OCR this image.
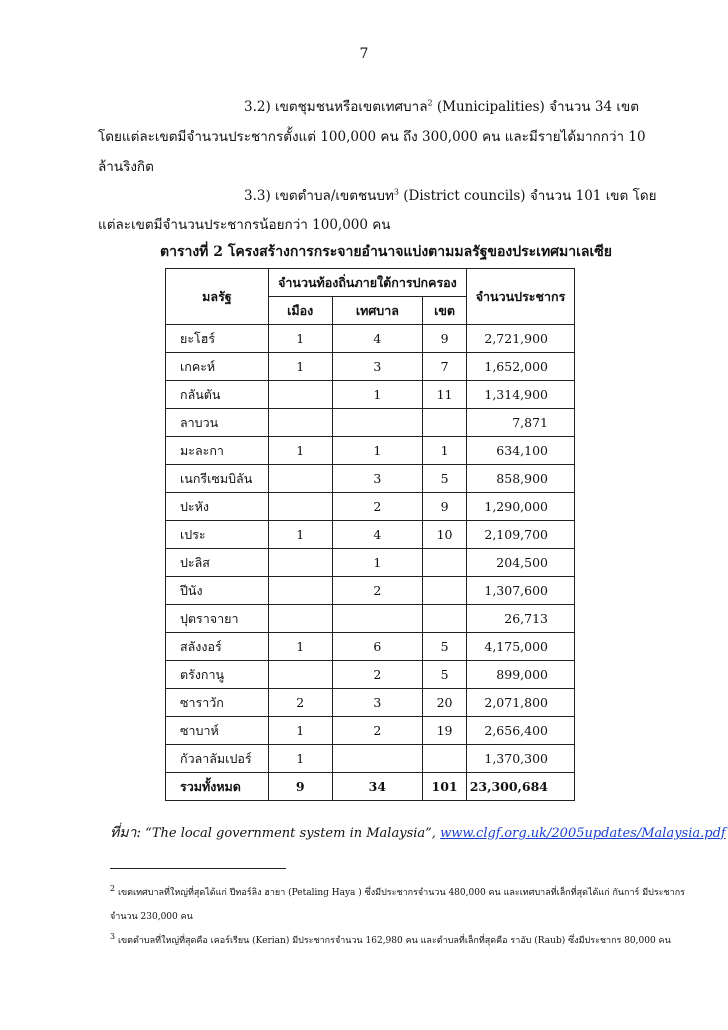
7
3.2) เขตชุมชนหรือเขตเทศบาล$^2$ (Municipalities) จำนวน 34 เขต
โดยแต่ละเขตมีจำนวนประชากรตั้งแต่ 100,000 คน ถึง 300,000 คน และมีรายได้มากกว่า 10
ล้านริงกิต
3.3) เขตตำบล/เขตชนบท$^3$ (District councils) จำนวน 101 เขต โดย
แต่ละเขตมีจำนวนประชากรน้อยกว่า 100,000 คน
ตารางที่ 2 โครงสร้างการกระจายอำนาจแบ่งตามมลรัฐของประเทศมาเลเซีย
มลรัฐ	จำนวนท้องถิ่นภายใต้การปกครอง			จำนวนประชากร
	เมือง	เทศบาล	เขต	
ยะโฮร์	1	4	9	2,721,900
เกคะห์	1	3	7	1,652,000
กลันตัน		1	11	1,314,900
ลาบวน				7,871
มะละกา	1	1	1	634,100
เนกรีเซมบิลัน		3	5	858,900
ปะหัง		2	9	1,290,000
เประ	1	4	10	2,109,700
ปะลิส		1		204,500
ปีนัง		2		1,307,600
ปุตราจายา				26,713
สลังงอร์	1	6	5	4,175,000
ตรังกานู		2	5	899,000
ซาราวัก	2	3	20	2,071,800
ซาบาห์	1	2	19	2,656,400
กัวลาลัมเปอร์	1			1,370,300
รวมทั้งหมด	9	34	101	23,300,684
ที่มา: “The local government system in Malaysia”, www.clgf.org.uk/2005updates/Malaysia.pdf
$^2$ เขตเทศบาลที่ใหญ่ที่สุดได้แก่ ปีทอร์ลิง ฮายา (Petaling Haya ) ซึ่งมีประชากรจำนวน 480,000 คน และเทศบาลที่เล็กที่สุดได้แก่ กันการ์ มีประชากร
จำนวน 230,000 คน
$^3$ เขตตำบลที่ใหญ่ที่สุดคือ เคอร์เรียน (Kerian) มีประชากรจำนวน 162,980 คน และตำบลที่เล็กที่สุดคือ ราอับ (Raub) ซึ่งมีประชากร 80,000 คน
